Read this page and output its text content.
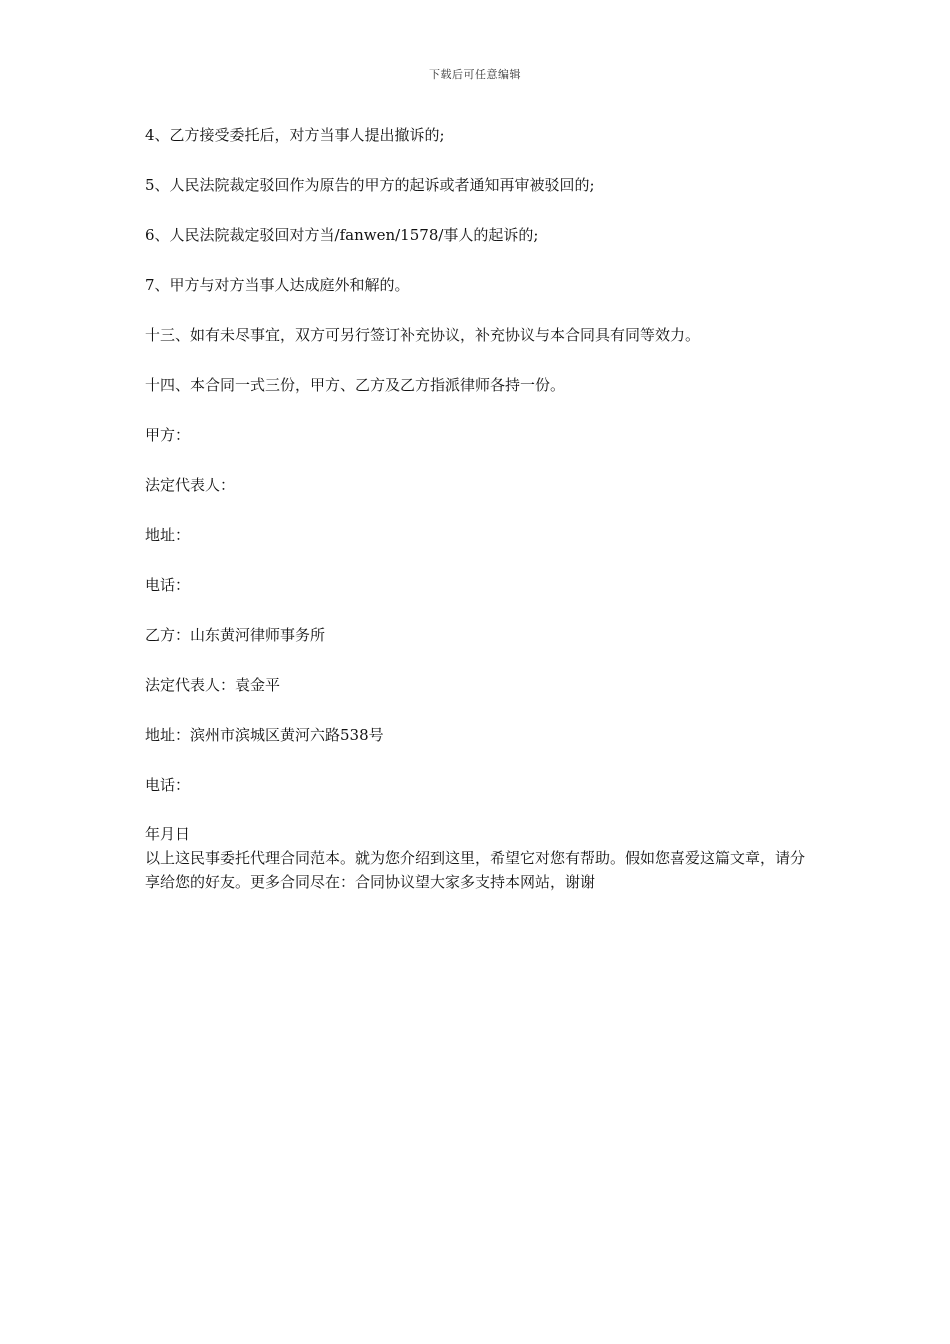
下载后可任意编辑

4、乙方接受委托后，对方当事人提出撤诉的;

5、人民法院裁定驳回作为原告的甲方的起诉或者通知再审被驳回的;

6、人民法院裁定驳回对方当/fanwen/1578/事人的起诉的;

7、甲方与对方当事人达成庭外和解的。

十三、如有未尽事宜，双方可另行签订补充协议，补充协议与本合同具有同等效力。

十四、本合同一式三份，甲方、乙方及乙方指派律师各持一份。

甲方：

法定代表人：

地址：

电话：

乙方：山东黄河律师事务所

法定代表人：袁金平

地址：滨州市滨城区黄河六路538号

电话：

年月日

以上这民事委托代理合同范本。就为您介绍到这里，希望它对您有帮助。假如您喜爱这篇文章，请分享给您的好友。更多合同尽在：合同协议望大家多支持本网站，谢谢
